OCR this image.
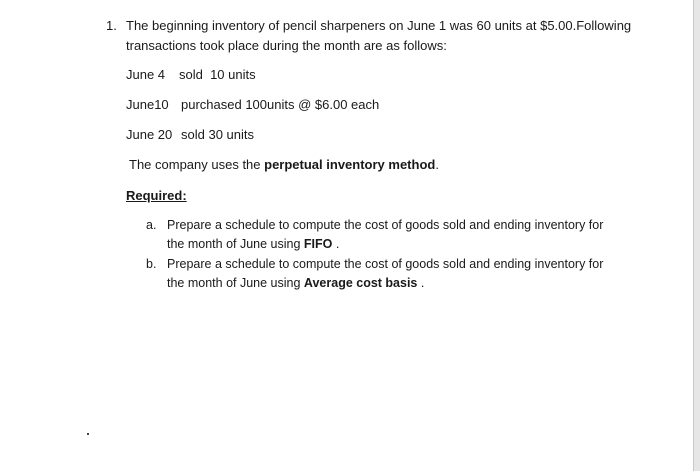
1. The beginning inventory of pencil sharpeners on June 1 was 60 units at $5.00.Following transactions took place during the month are as follows:
June 4 sold  10 units
June10 purchased 100units @ $6.00 each
June 20 sold 30 units
The company uses the perpetual inventory method.
Required:
a. Prepare a schedule to compute the cost of goods sold and ending inventory for the month of June using FIFO .
b. Prepare a schedule to compute the cost of goods sold and ending inventory for the month of June using Average cost basis .
